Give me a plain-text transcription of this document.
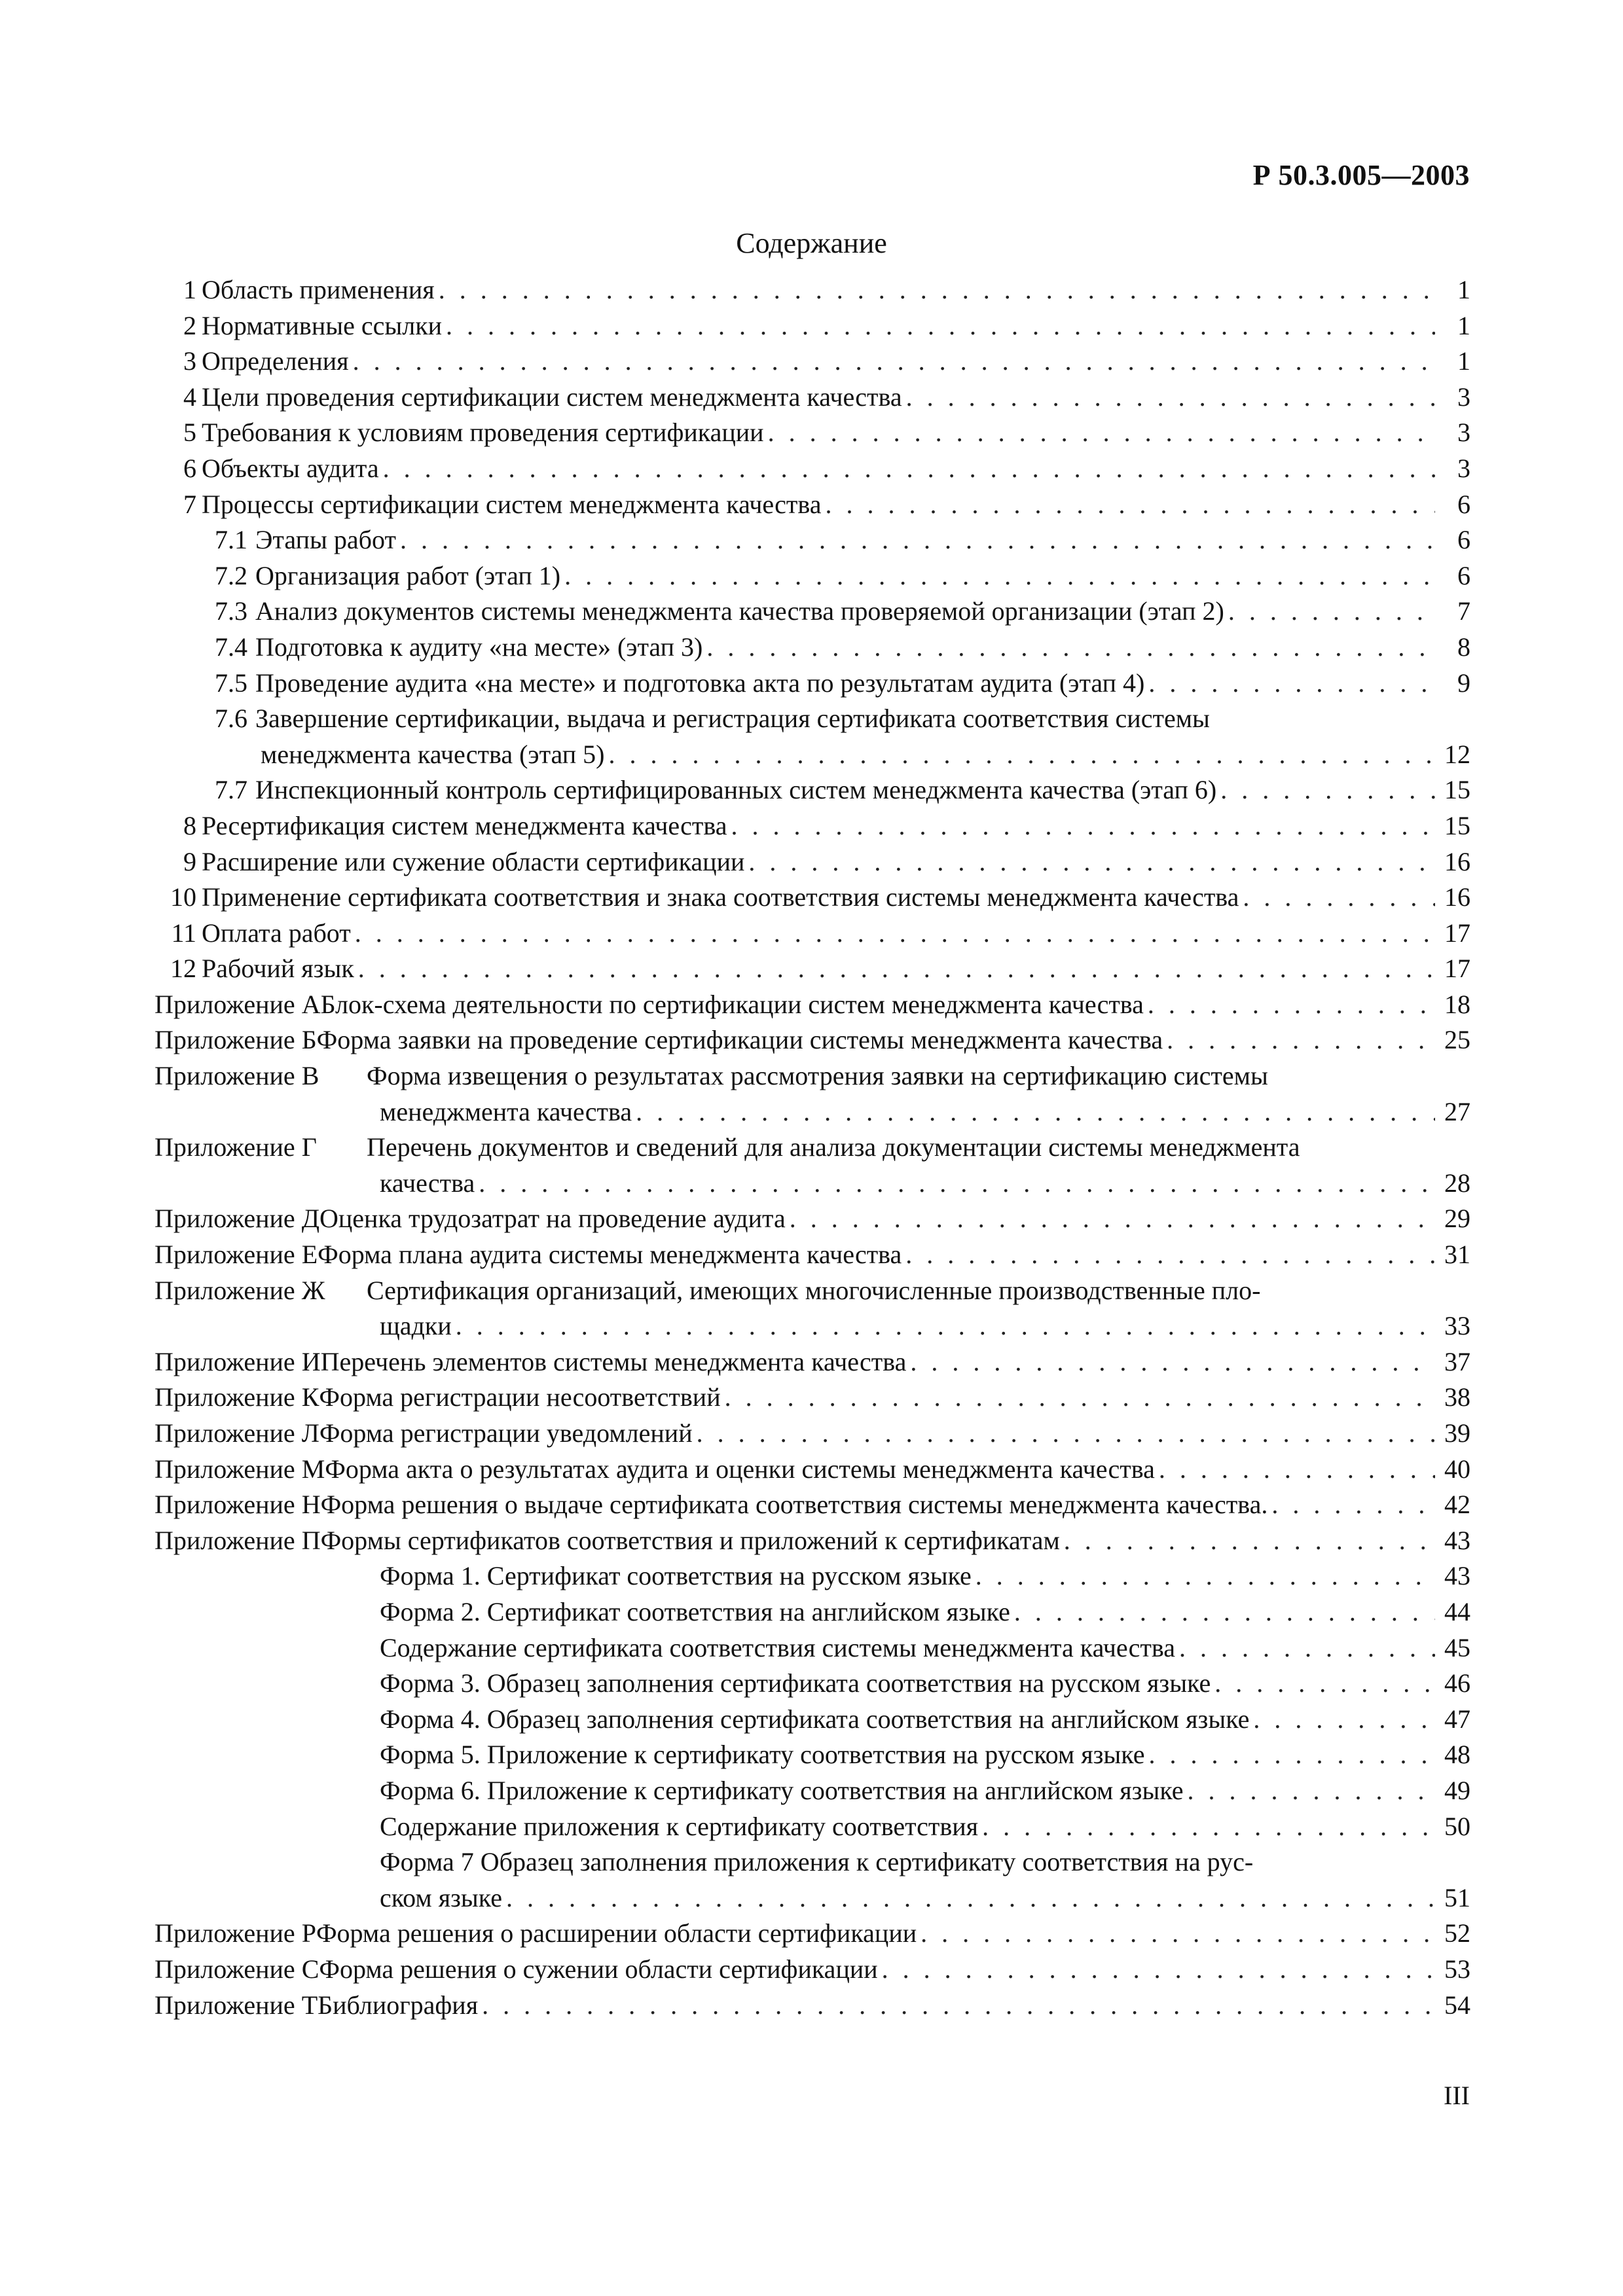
Р 50.3.005—2003
Содержание
1 Область применения . . .	1
2 Нормативные ссылки . . .	1
3 Определения . . .	1
4 Цели проведения сертификации систем менеджмента качества . . .	3
5 Требования к условиям проведения сертификации . . .	3
6 Объекты аудита . . .	3
7 Процессы сертификации систем менеджмента качества . . .	6
7.1 Этапы работ . . .	6
7.2 Организация работ (этап 1) . . .	6
7.3 Анализ документов системы менеджмента качества проверяемой организации (этап 2) . . .	7
7.4 Подготовка к аудиту «на месте» (этап 3) . . .	8
7.5 Проведение аудита «на месте» и подготовка акта по результатам аудита (этап 4) . . .	9
7.6 Завершение сертификации, выдача и регистрация сертификата соответствия системы
менеджмента качества (этап 5) . . .	12
7.7 Инспекционный контроль сертифицированных систем менеджмента качества (этап 6) . . .	15
8 Ресертификация систем менеджмента качества . . .	15
9 Расширение или сужение области сертификации . . .	16
10 Применение сертификата соответствия и знака соответствия системы менеджмента качества . . .	16
11 Оплата работ . . .	17
12 Рабочий язык . . .	17
Приложение А Блок-схема деятельности по сертификации систем менеджмента качества . . .	18
Приложение Б Форма заявки на проведение сертификации системы менеджмента качества . . .	25
Приложение В	Форма извещения о результатах рассмотрения заявки на сертификацию системы
менеджмента качества . . .	27
Приложение Г	Перечень документов и сведений для анализа документации системы менеджмента
качества . . .	28
Приложение Д Оценка трудозатрат на проведение аудита . . .	29
Приложение Е Форма плана аудита системы менеджмента качества . . .	31
Приложение Ж	Сертификация организаций, имеющих многочисленные производственные пло-
щадки . . .	33
Приложение И Перечень элементов системы менеджмента качества . . .	37
Приложение К Форма регистрации несоответствий . . .	38
Приложение Л Форма регистрации уведомлений . . .	39
Приложение М Форма акта о результатах аудита и оценки системы менеджмента качества . . .	40
Приложение Н Форма решения о выдаче сертификата соответствия системы менеджмента качества. . . .	42
Приложение П Формы сертификатов соответствия и приложений к сертификатам . . .	43
Форма 1. Сертификат соответствия на русском языке . . .	43
Форма 2. Сертификат соответствия на английском языке . . .	44
Содержание сертификата соответствия системы менеджмента качества . . .	45
Форма 3. Образец заполнения сертификата соответствия на русском языке . . .	46
Форма 4. Образец заполнения сертификата соответствия на английском языке . . .	47
Форма 5. Приложение к сертификату соответствия на русском языке . . .	48
Форма 6. Приложение к сертификату соответствия на английском языке . . .	49
Содержание приложения к сертификату соответствия . . .	50
Форма 7 Образец заполнения приложения к сертификату соответствия на рус-
ском языке . . .	51
Приложение Р Форма решения о расширении области сертификации . . .	52
Приложение С Форма решения о сужении области сертификации . . .	53
Приложение Т Библиография . . .	54
III
